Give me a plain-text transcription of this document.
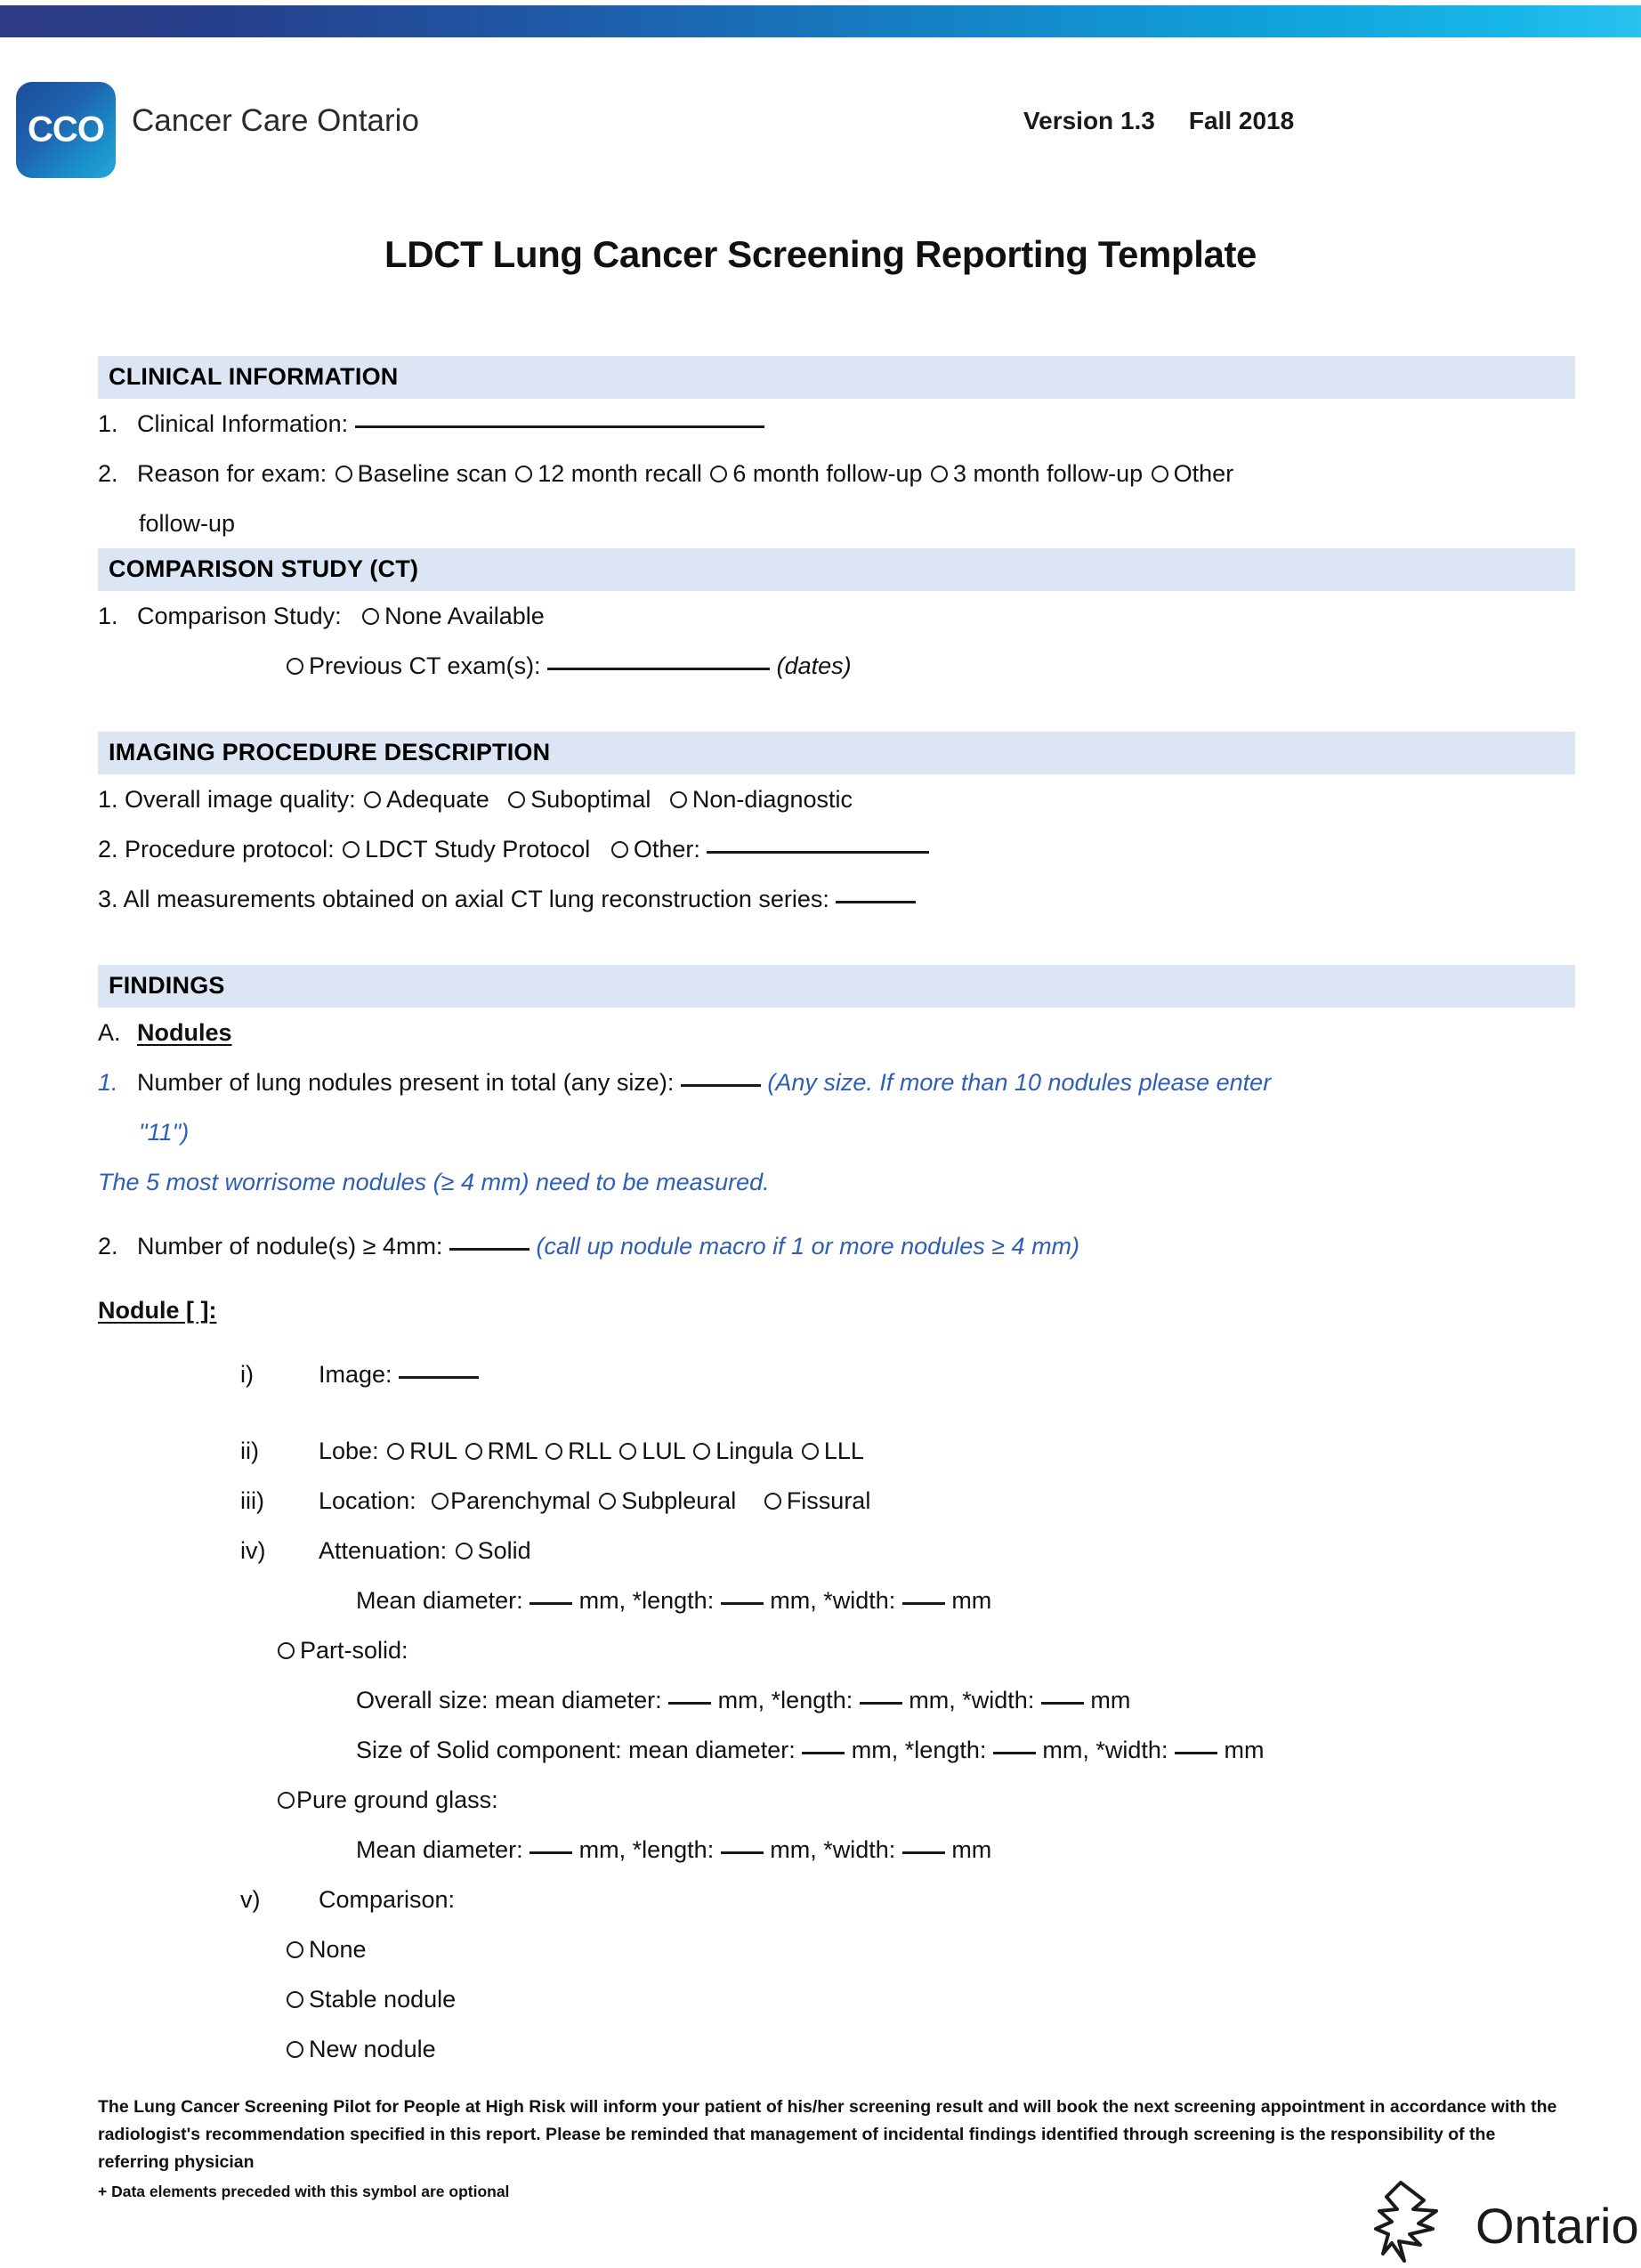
CCO Cancer Care Ontario	Version 1.3 Fall 2018
LDCT Lung Cancer Screening Reporting Template
CLINICAL INFORMATION
1. Clinical Information:
2. Reason for exam: Baseline scan 12 month recall 6 month follow-up 3 month follow-up Other
follow-up
COMPARISON STUDY (CT)
1. Comparison Study: None Available
Previous CT exam(s):	(dates)
IMAGING PROCEDURE DESCRIPTION
1. Overall image quality: Adequate Suboptimal Non-diagnostic
2. Procedure protocol: LDCT Study Protocol Other:
3. All measurements obtained on axial CT lung reconstruction series:
FINDINGS
A. Nodules
1. Number of lung nodules present in total (any size):	(Any size. If more than 10 nodules please enter
"11")
The 5 most worrisome nodules (≥ 4 mm) need to be measured.
2. Number of nodule(s) ≥ 4mm:	(call up nodule macro if 1 or more nodules ≥ 4 mm)
Nodule [ ]:
i)	Image:
ii) Lobe: RUL RML RLL LUL Lingula LLL
iii) Location: Parenchymal Subpleural Fissural
iv) Attenuation: Solid
Mean diameter: mm, *length: mm, *width: mm
Part-solid:
Overall size: mean diameter: mm, *length: mm, *width: mm
Size of Solid component: mean diameter: mm, *length: mm, *width: mm
Pure ground glass:
Mean diameter: mm, *length: mm, *width: mm
v) Comparison:
None
Stable nodule
New nodule
The Lung Cancer Screening Pilot for People at High Risk will inform your patient of his/her screening result and will book the next screening appointment in accordance with the radiologist's recommendation specified in this report. Please be reminded that management of incidental findings identified through screening is the responsibility of the referring physician
+ Data elements preceded with this symbol are optional
Ontario
